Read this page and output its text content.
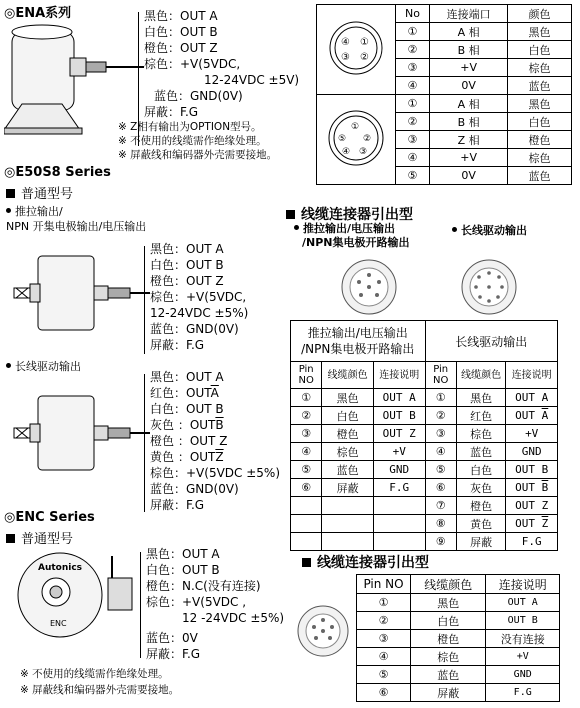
◎ENA系列	黑色：OUT A
白色：OUT B
橙色：OUT Z
棕色：+V(5VDC,
12-24VDC ±5V)
蓝色：GND(0V)
屏蔽：F.G
※ Z相有输出为OPTION型号。
※ 不使用的线缆需作绝缘处理。
※ 屏蔽线和编码器外壳需要接地。
④ ①
③ ②	No	连接端口	颜色
	①	A 相	黑色
	②	B 相	白色
	③	+V	棕色
	④	0V	蓝色

①
⑤ ②
④ ③	①	A 相	黑色
	②	B 相	白色
	③	Z 相	橙色
	④	+V	棕色
	⑤	0V	蓝色
◎E50S8 Series
普通型号
推拉输出/
NPN 开集电极输出/电压输出
黑色：OUT A
白色：OUT B
橙色：OUT Z
棕色：+V(5VDC,
12-24VDC ±5%)
蓝色：GND(0V)
屏蔽：F.G
长线驱动输出
黑色：OUT A
红色：$OUT\overline{A}$
白色：OUT B
灰色 ：$OUT\overline{B}$
橙色 ：OUT Z
黄色 ：$OUT\overline{Z}$
棕色：+V(5VDC ±5%)
蓝色：GND(0V)
屏蔽：F.G
线缆连接器引出型
推拉输出/电压输出
/NPN集电极开路输出
长线驱动输出
推拉输出/电压输出
/NPN集电极开路输出			长线驱动输出		
Pin NO	线缆颜色	连接说明	Pin NO	线缆颜色	连接说明
①	黑色	OUT A	①	黑色	OUT A
②	白色	OUT B	②	红色	OUT $\overline{A}$
③	橙色	OUT Z	③	棕色	+V
④	棕色	+V	④	蓝色	GND
⑤	蓝色	GND	⑤	白色	OUT B
⑥	屏蔽	F.G	⑥	灰色	OUT $\overline{B}$
			⑦	橙色	OUT Z
			⑧	黄色	OUT $\overline{Z}$
			⑨	屏蔽	F.G
◎ENC Series
普通型号
Autonics
ENC
黑色：OUT A
白色：OUT B
橙色：N.C(没有连接)
棕色：+V(5VDC ,
12 -24VDC ±5%)
蓝色：0V
屏蔽：F.G
※ 不使用的线缆需作绝缘处理。
※ 屏蔽线和编码器外壳需要接地。
线缆连接器引出型
Pin NO	线缆颜色	连接说明
①	黑色	OUT A
②	白色	OUT B
③	橙色	没有连接
④	棕色	+V
⑤	蓝色	GND
⑥	屏蔽	F.G
